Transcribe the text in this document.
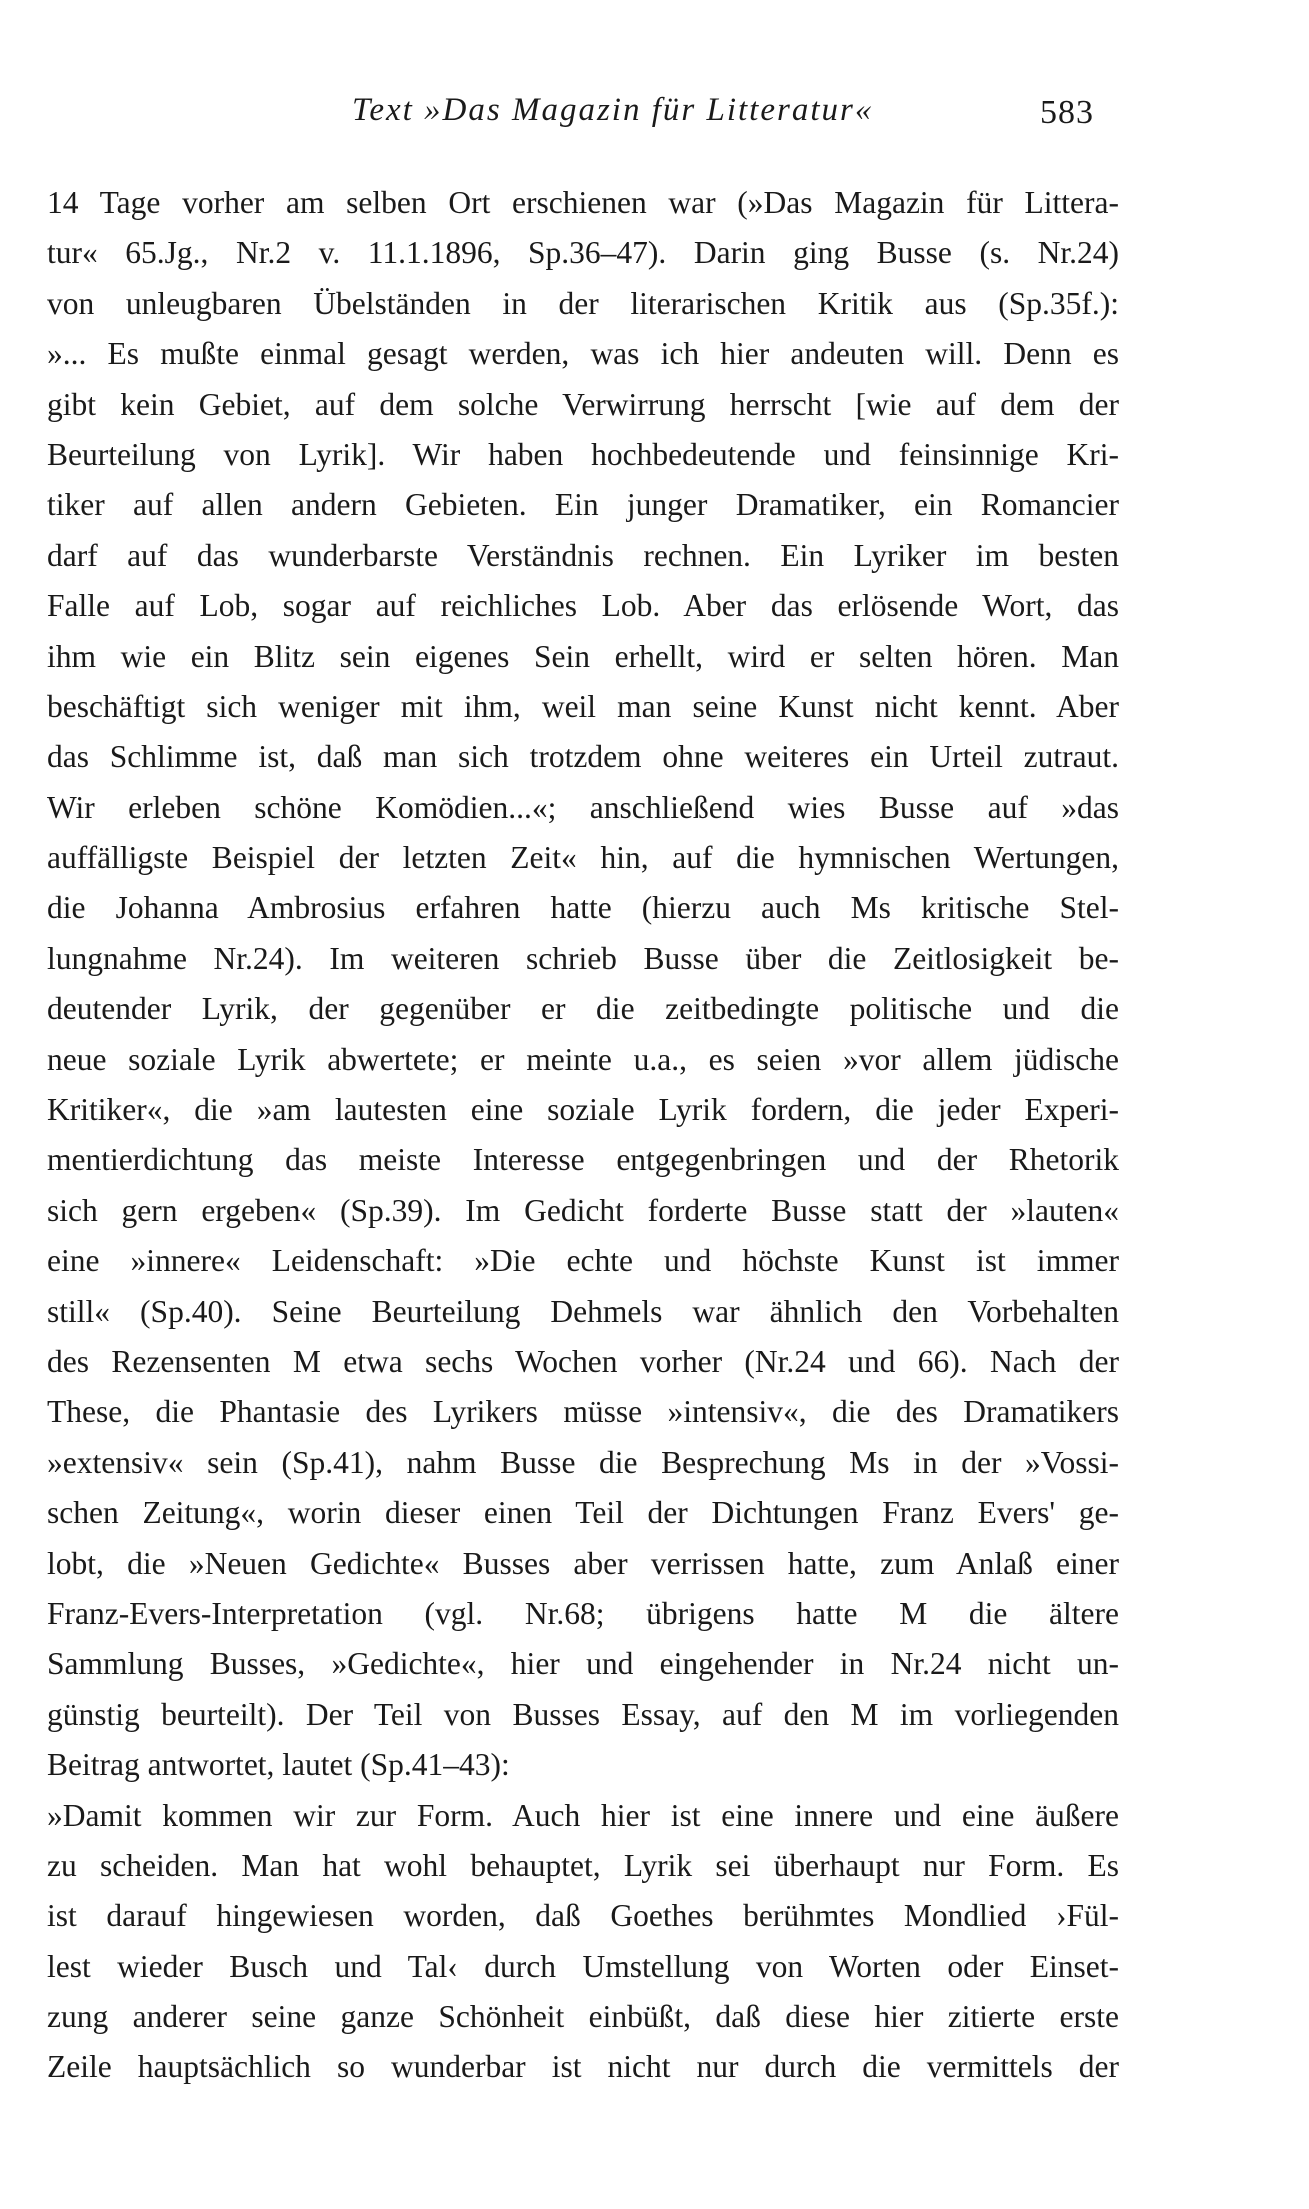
Text »Das Magazin für Litteratur«	583
14 Tage vorher am selben Ort erschienen war (»Das Magazin für Littera-
tur« 65.Jg., Nr.2 v. 11.1.1896, Sp.36–47). Darin ging Busse (s. Nr.24)
von unleugbaren Übelständen in der literarischen Kritik aus (Sp.35f.):
»... Es mußte einmal gesagt werden, was ich hier andeuten will. Denn es
gibt kein Gebiet, auf dem solche Verwirrung herrscht [wie auf dem der
Beurteilung von Lyrik]. Wir haben hochbedeutende und feinsinnige Kri-
tiker auf allen andern Gebieten. Ein junger Dramatiker, ein Romancier
darf auf das wunderbarste Verständnis rechnen. Ein Lyriker im besten
Falle auf Lob, sogar auf reichliches Lob. Aber das erlösende Wort, das
ihm wie ein Blitz sein eigenes Sein erhellt, wird er selten hören. Man
beschäftigt sich weniger mit ihm, weil man seine Kunst nicht kennt. Aber
das Schlimme ist, daß man sich trotzdem ohne weiteres ein Urteil zutraut.
Wir erleben schöne Komödien...«; anschließend wies Busse auf »das
auffälligste Beispiel der letzten Zeit« hin, auf die hymnischen Wertungen,
die Johanna Ambrosius erfahren hatte (hierzu auch Ms kritische Stel-
lungnahme Nr.24). Im weiteren schrieb Busse über die Zeitlosigkeit be-
deutender Lyrik, der gegenüber er die zeitbedingte politische und die
neue soziale Lyrik abwertete; er meinte u.a., es seien »vor allem jüdische
Kritiker«, die »am lautesten eine soziale Lyrik fordern, die jeder Experi-
mentierdichtung das meiste Interesse entgegenbringen und der Rhetorik
sich gern ergeben« (Sp.39). Im Gedicht forderte Busse statt der »lauten«
eine »innere« Leidenschaft: »Die echte und höchste Kunst ist immer
still« (Sp.40). Seine Beurteilung Dehmels war ähnlich den Vorbehalten
des Rezensenten M etwa sechs Wochen vorher (Nr.24 und 66). Nach der
These, die Phantasie des Lyrikers müsse »intensiv«, die des Dramatikers
»extensiv« sein (Sp.41), nahm Busse die Besprechung Ms in der »Vossi-
schen Zeitung«, worin dieser einen Teil der Dichtungen Franz Evers' ge-
lobt, die »Neuen Gedichte« Busses aber verrissen hatte, zum Anlaß einer
Franz-Evers-Interpretation (vgl. Nr.68; übrigens hatte M die ältere
Sammlung Busses, »Gedichte«, hier und eingehender in Nr.24 nicht un-
günstig beurteilt). Der Teil von Busses Essay, auf den M im vorliegenden
Beitrag antwortet, lautet (Sp.41–43):
»Damit kommen wir zur Form. Auch hier ist eine innere und eine äußere
zu scheiden. Man hat wohl behauptet, Lyrik sei überhaupt nur Form. Es
ist darauf hingewiesen worden, daß Goethes berühmtes Mondlied ›Fül-
lest wieder Busch und Tal‹ durch Umstellung von Worten oder Einset-
zung anderer seine ganze Schönheit einbüßt, daß diese hier zitierte erste
Zeile hauptsächlich so wunderbar ist nicht nur durch die vermittels der
